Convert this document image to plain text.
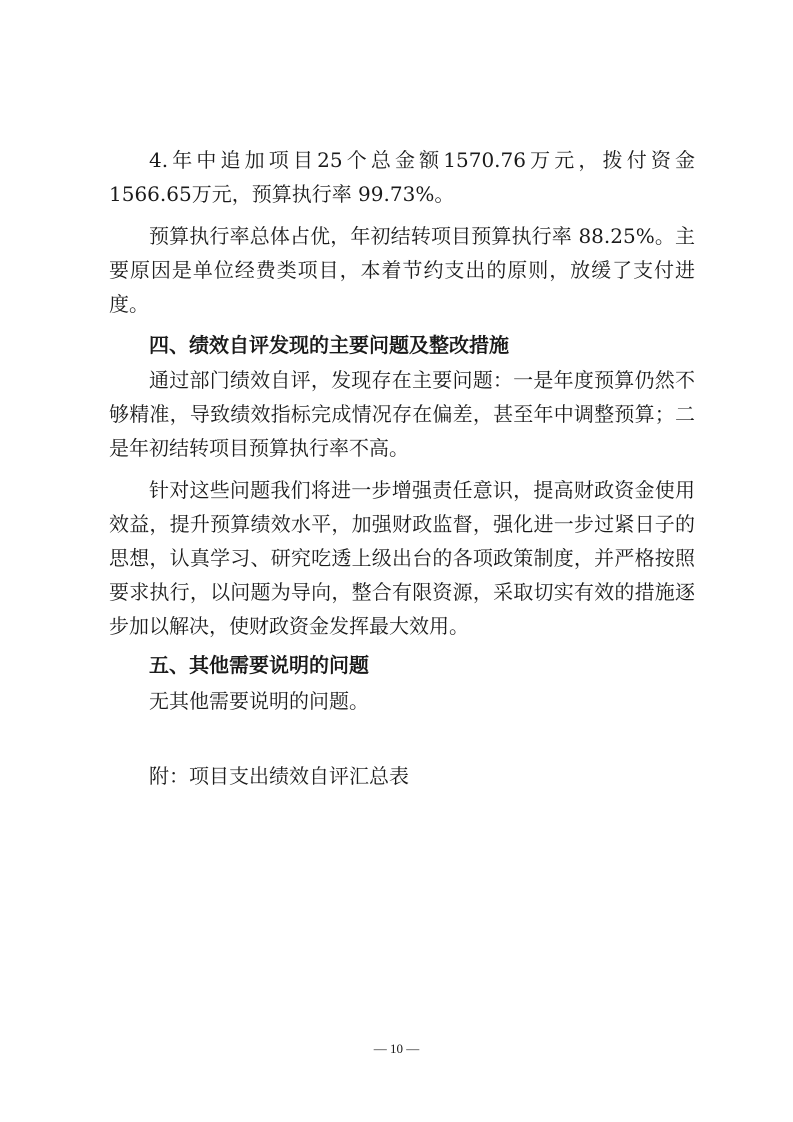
4.年中追加项目25个总金额1570.76万元，拨付资金1566.65万元，预算执行率 99.73%。

预算执行率总体占优，年初结转项目预算执行率 88.25%。主要原因是单位经费类项目，本着节约支出的原则，放缓了支付进度。

四、绩效自评发现的主要问题及整改措施

通过部门绩效自评，发现存在主要问题：一是年度预算仍然不够精准，导致绩效指标完成情况存在偏差，甚至年中调整预算；二是年初结转项目预算执行率不高。

针对这些问题我们将进一步增强责任意识，提高财政资金使用效益，提升预算绩效水平，加强财政监督，强化进一步过紧日子的思想，认真学习、研究吃透上级出台的各项政策制度，并严格按照要求执行，以问题为导向，整合有限资源，采取切实有效的措施逐步加以解决，使财政资金发挥最大效用。

五、其他需要说明的问题
无其他需要说明的问题。
附：项目支出绩效自评汇总表
— 10 —
